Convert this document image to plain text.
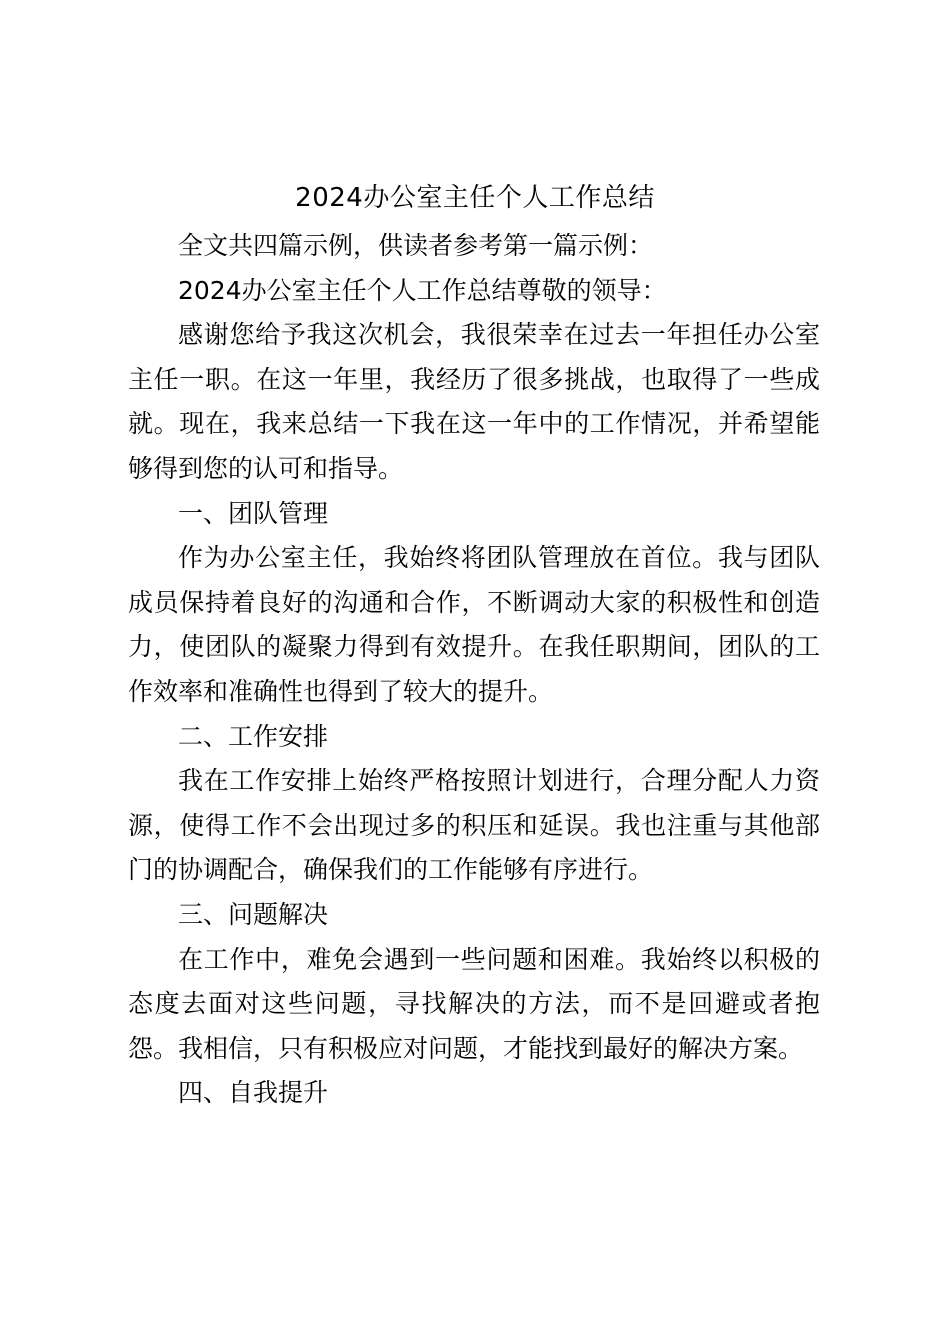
2024办公室主任个人工作总结

全文共四篇示例，供读者参考第一篇示例：

2024办公室主任个人工作总结尊敬的领导：

感谢您给予我这次机会，我很荣幸在过去一年担任办公室主任一职。在这一年里，我经历了很多挑战，也取得了一些成就。现在，我来总结一下我在这一年中的工作情况，并希望能够得到您的认可和指导。

一、团队管理

作为办公室主任，我始终将团队管理放在首位。我与团队成员保持着良好的沟通和合作，不断调动大家的积极性和创造力，使团队的凝聚力得到有效提升。在我任职期间，团队的工作效率和准确性也得到了较大的提升。

二、工作安排

我在工作安排上始终严格按照计划进行，合理分配人力资源，使得工作不会出现过多的积压和延误。我也注重与其他部门的协调配合，确保我们的工作能够有序进行。

三、问题解决

在工作中，难免会遇到一些问题和困难。我始终以积极的态度去面对这些问题，寻找解决的方法，而不是回避或者抱怨。我相信，只有积极应对问题，才能找到最好的解决方案。

四、自我提升
